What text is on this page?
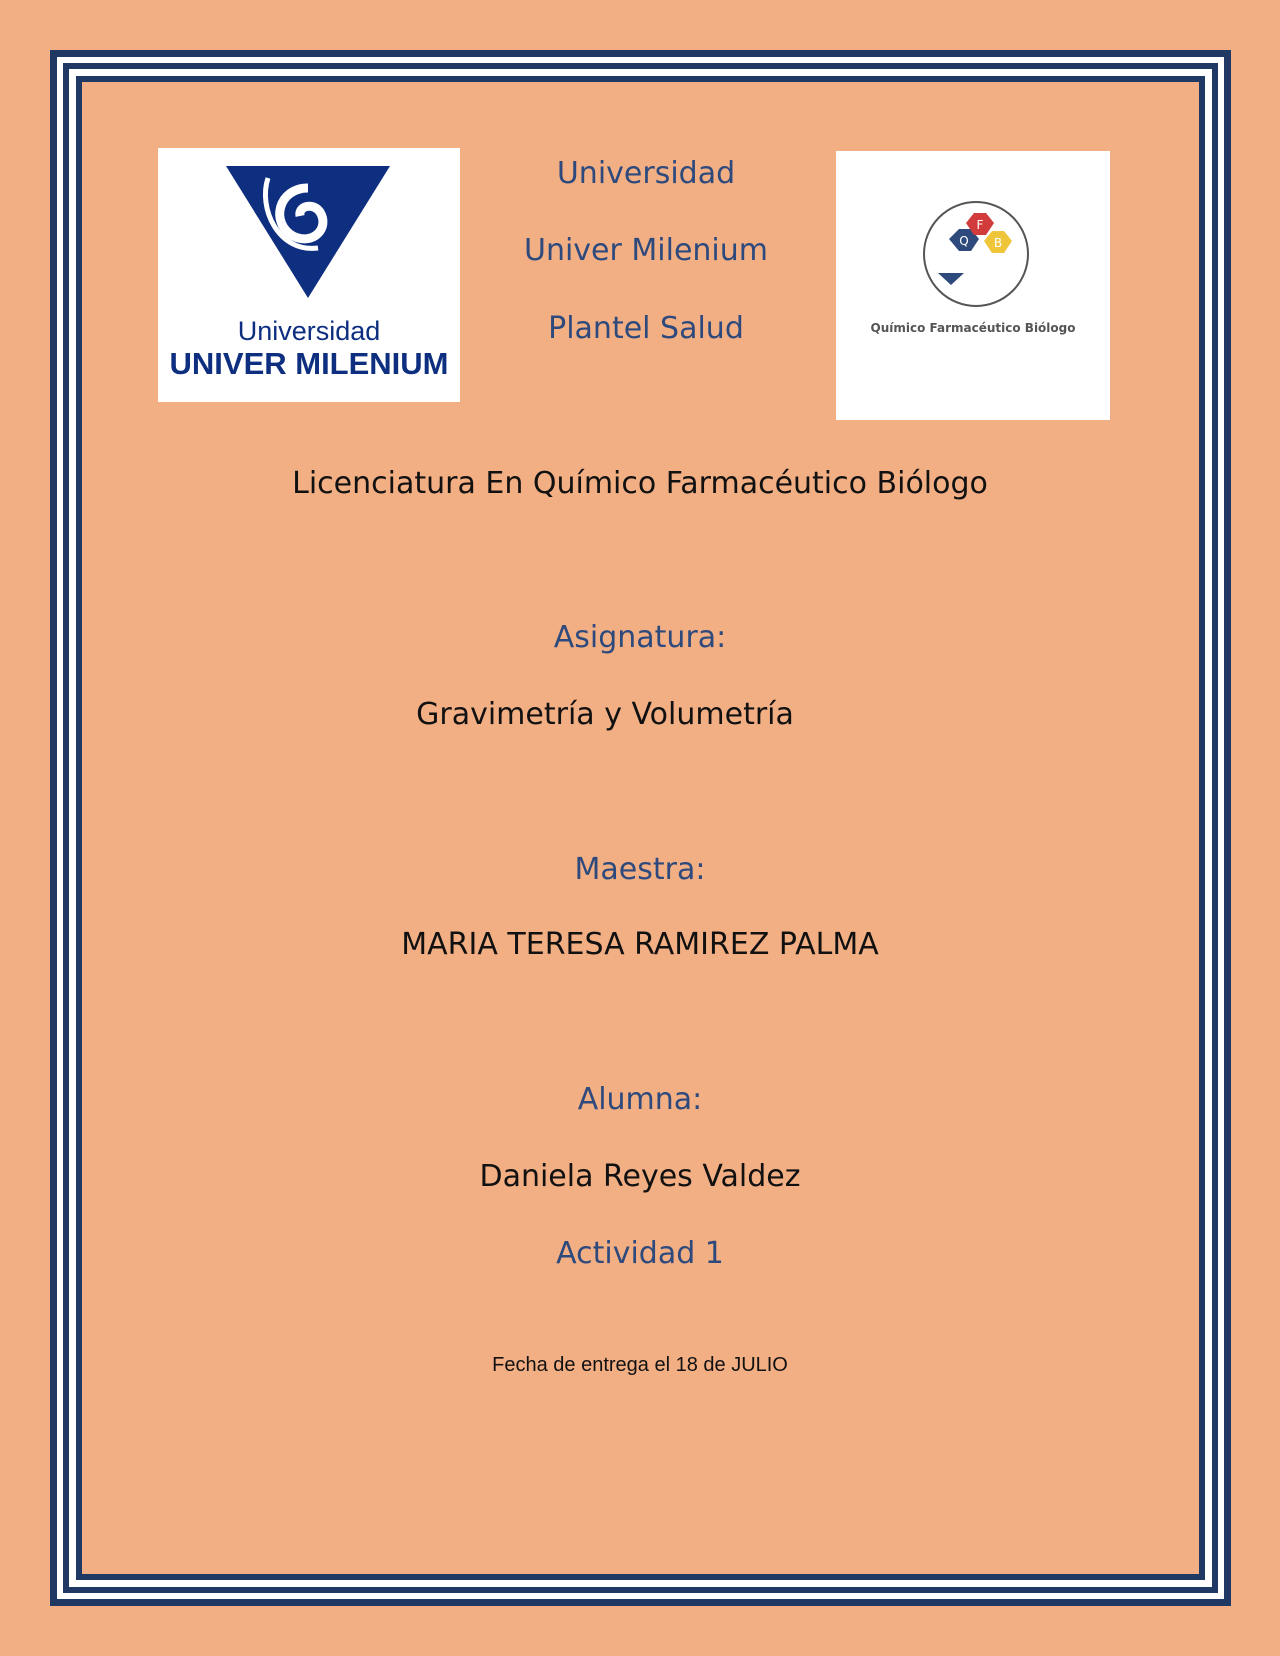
Universidad
UNIVER MILENIUM
Q
F
B
Químico Farmacéutico Biólogo
Universidad
Univer Milenium
Plantel Salud
Licenciatura En Químico Farmacéutico Biólogo
Asignatura:
Gravimetría y Volumetría
Maestra:
MARIA TERESA RAMIREZ PALMA
Alumna:
Daniela Reyes Valdez
Actividad 1
Fecha de entrega el 18 de JULIO
